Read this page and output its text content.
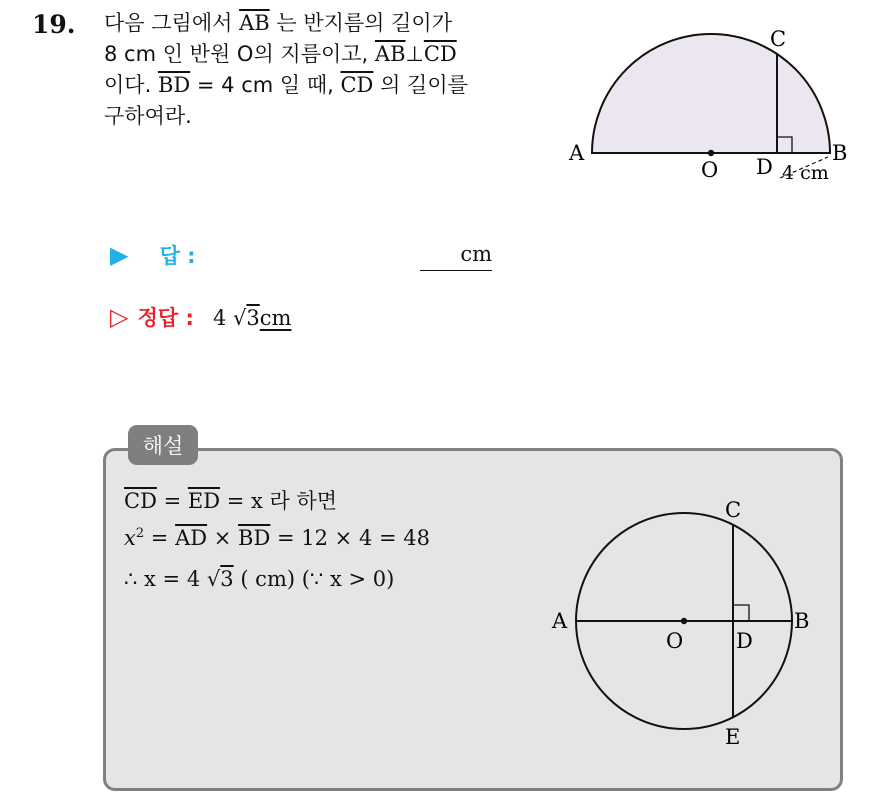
19. 다음 그림에서 $\overline{AB}$ 는 반지름의 길이가
8 cm 인 반원 O의 지름이고, $\overline{AB}\perp\overline{CD}$
이다. $\overline{BD} = 4$ cm 일 때, $\overline{CD}$ 의 길이를
구하여라.
A	B
C
D
O	4 cm
▶ 답 :	cm
▷ 정답 : 4 √3cm
해설
$\overline{CD} = \overline{ED} = x$ 라 하면
$x^2 = \overline{AD} \times \overline{BD} = 12 \times 4 = 48$
∴ x = 4 √3 ( cm) (∵ x > 0)
A	B
C
D
O
E
